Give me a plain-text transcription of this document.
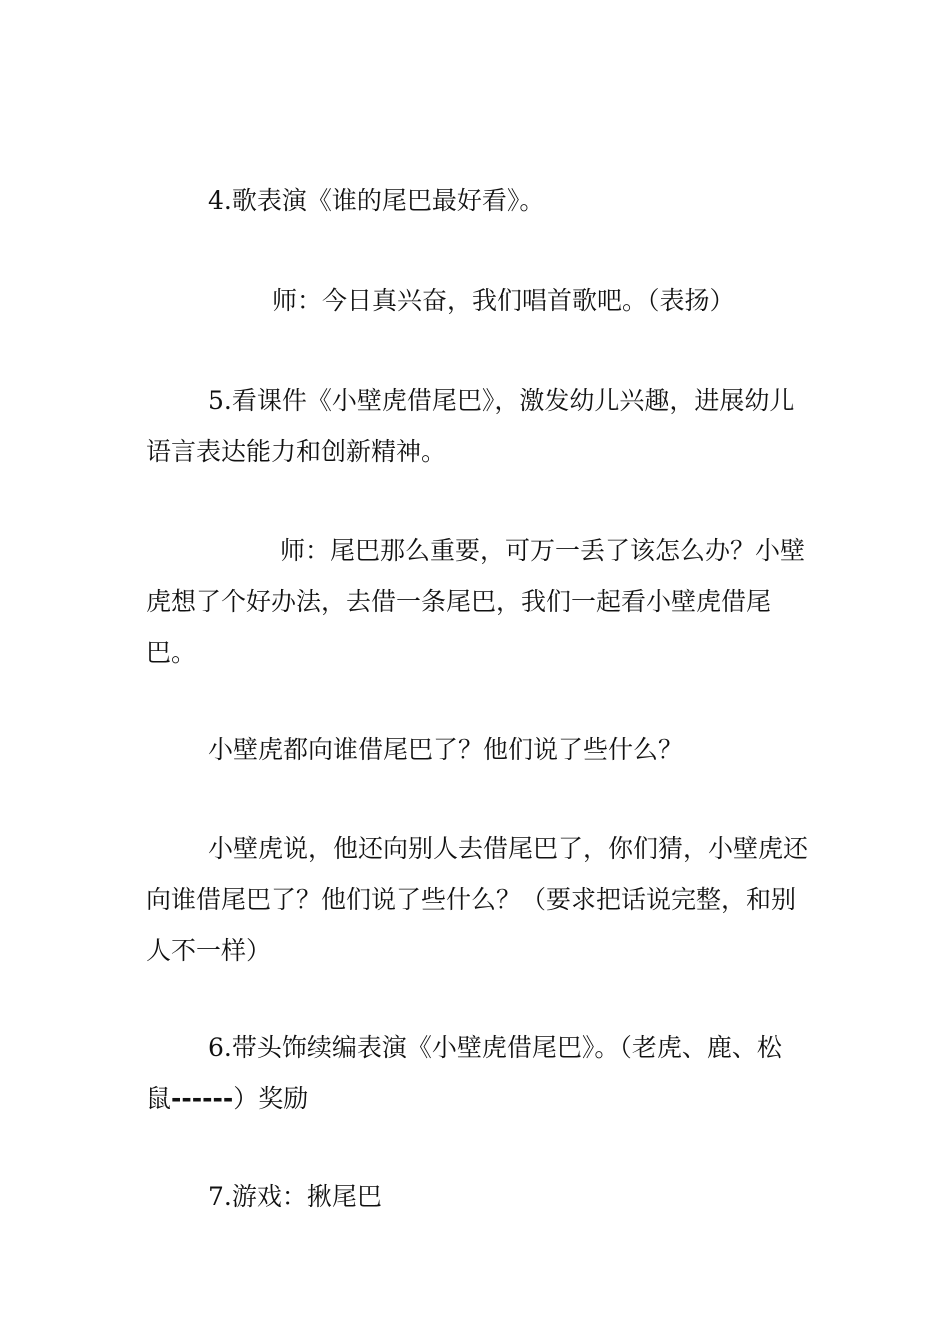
4.歌表演《谁的尾巴最好看》。

师：今日真兴奋，我们唱首歌吧。（表扬）

5.看课件《小壁虎借尾巴》，激发幼儿兴趣，进展幼儿语言表达能力和创新精神。

师：尾巴那么重要，可万一丢了该怎么办？小壁虎想了个好办法，去借一条尾巴，我们一起看小壁虎借尾巴。

小壁虎都向谁借尾巴了？他们说了些什么？

小壁虎说，他还向别人去借尾巴了，你们猜，小壁虎还向谁借尾巴了？他们说了些什么？（要求把话说完整，和别人不一样）

6.带头饰续编表演《小壁虎借尾巴》。（老虎、鹿、松鼠------）奖励

7.游戏：揪尾巴
